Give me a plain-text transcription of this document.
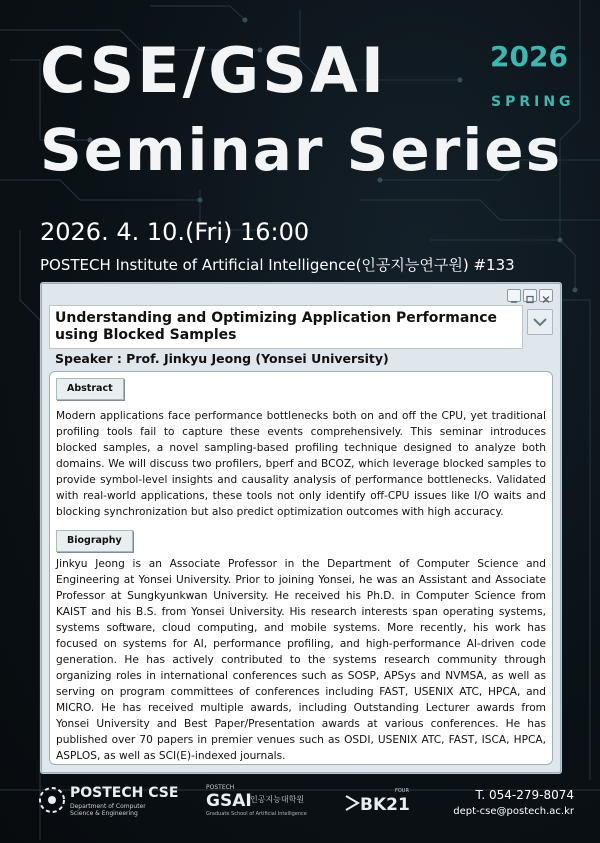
CSE/GSAI
Seminar Series
2026
SPRING
2026. 4. 10.(Fri) 16:00
POSTECH Institute of Artificial Intelligence(인공지능연구원) #133
Understanding and Optimizing Application Performance using Blocked Samples
Speaker : Prof. Jinkyu Jeong (Yonsei University)
Abstract
Modern applications face performance bottlenecks both on and off the CPU, yet traditional profiling tools fail to capture these events comprehensively. This seminar introduces blocked samples, a novel sampling-based profiling technique designed to analyze both domains. We will discuss two profilers, bperf and BCOZ, which leverage blocked samples to provide symbol-level insights and causality analysis of performance bottlenecks. Validated with real-world applications, these tools not only identify off-CPU issues like I/O waits and blocking synchronization but also predict optimization outcomes with high accuracy.
Biography
Jinkyu Jeong is an Associate Professor in the Department of Computer Science and Engineering at Yonsei University. Prior to joining Yonsei, he was an Assistant and Associate Professor at Sungkyunkwan University. He received his Ph.D. in Computer Science from KAIST and his B.S. from Yonsei University. His research interests span operating systems, systems software, cloud computing, and mobile systems. More recently, his work has focused on systems for AI, performance profiling, and high-performance AI-driven code generation. He has actively contributed to the systems research community through organizing roles in international conferences such as SOSP, APSys and NVMSA, as well as serving on program committees of conferences including FAST, USENIX ATC, HPCA, and MICRO. He has received multiple awards, including Outstanding Lecturer awards from Yonsei University and Best Paper/Presentation awards at various conferences. He has published over 70 papers in premier venues such as OSDI, USENIX ATC, FAST, ISCA, HPCA, ASPLOS, as well as SCI(E)-indexed journals.
POSTECH CSE
Department of Computer Science & Engineering
POSTECH
GSAI
인공지능대학원
Graduate School of Artificial Intelligence
FOUR
BK21	T. 054-279-8074
dept-cse@postech.ac.kr
